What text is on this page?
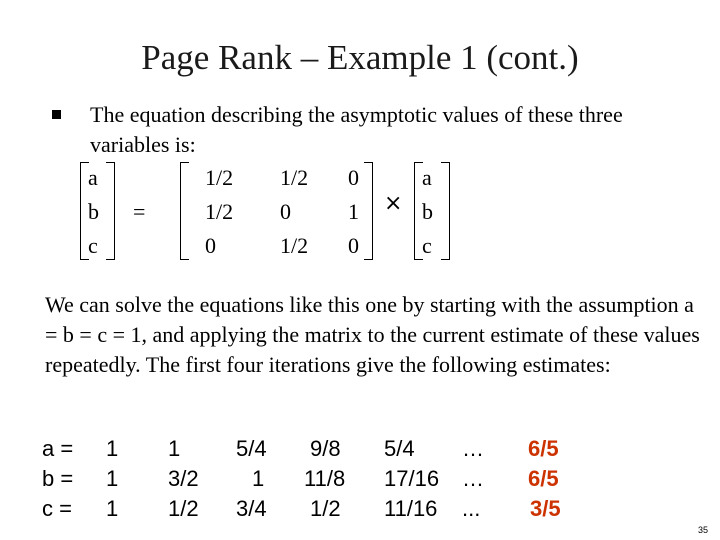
Page Rank – Example 1 (cont.)
The equation describing the asymptotic values of these three variables is:
a
b
c
=
1/2 1/2 0
1/2 0	1
0	1/2 0
×
a
b
c
We can solve the equations like this one by starting with the assumption a = b = c = 1, and applying the matrix to the current estimate of these values repeatedly. The first four iterations give the following estimates:
a =
b =
c =
1
1
1
1
3/2
1/2
5/4
1
3/4
9/8
11/8
1/2
5/4
17/16
11/16
…
…
...
6/5
6/5
3/5
35
